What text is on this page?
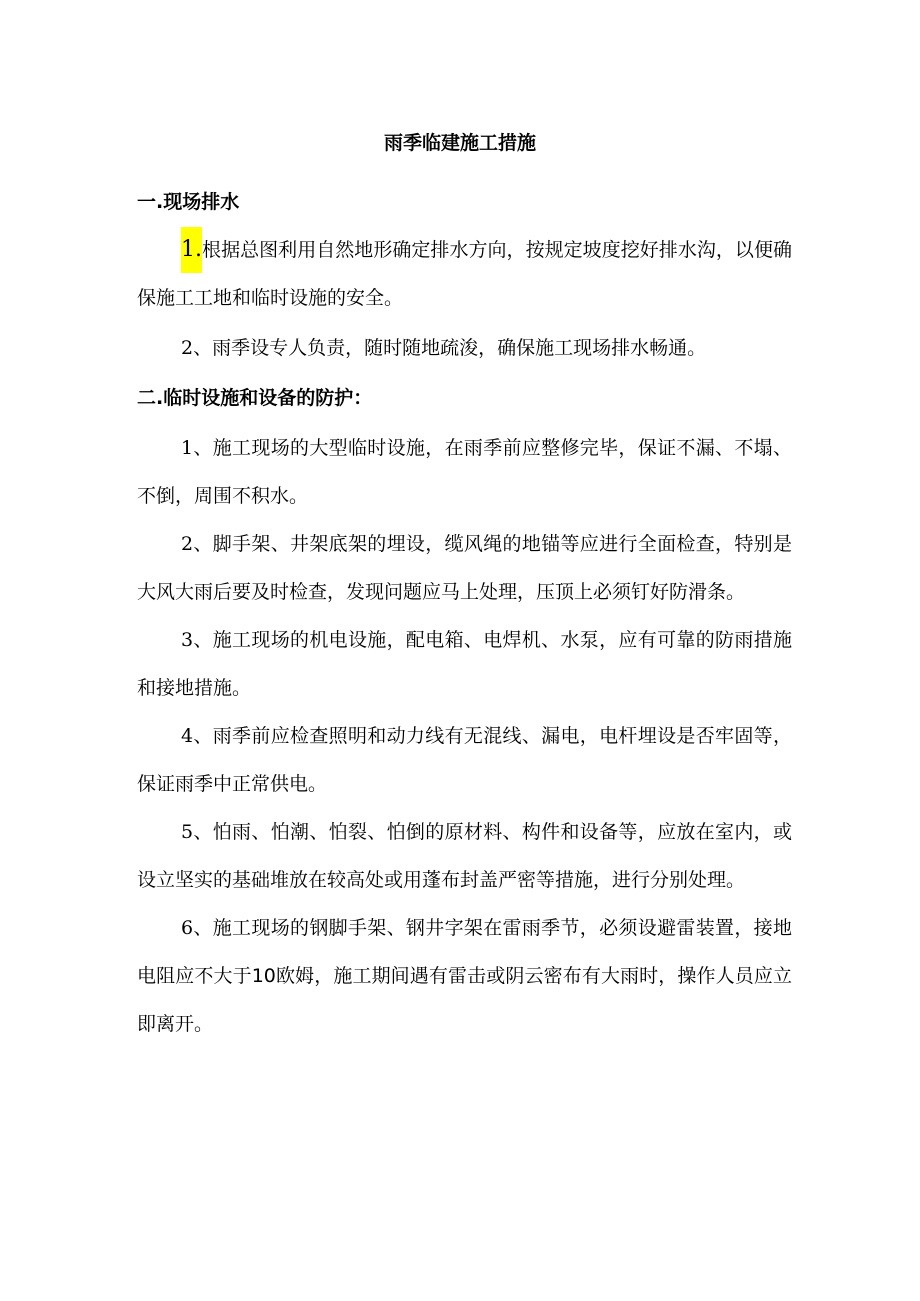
雨季临建施工措施
一.现场排水

1.根据总图利用自然地形确定排水方向，按规定坡度挖好排水沟，以便确保施工工地和临时设施的安全。

2、雨季设专人负责，随时随地疏浚，确保施工现场排水畅通。

二.临时设施和设备的防护：

1、施工现场的大型临时设施，在雨季前应整修完毕，保证不漏、不塌、不倒，周围不积水。

2、脚手架、井架底架的埋设，缆风绳的地锚等应进行全面检查，特别是大风大雨后要及时检查，发现问题应马上处理，压顶上必须钉好防滑条。

3、施工现场的机电设施，配电箱、电焊机、水泵，应有可靠的防雨措施和接地措施。

4、雨季前应检查照明和动力线有无混线、漏电，电杆埋设是否牢固等，保证雨季中正常供电。

5、怕雨、怕潮、怕裂、怕倒的原材料、构件和设备等，应放在室内，或设立坚实的基础堆放在较高处或用蓬布封盖严密等措施，进行分别处理。

6、施工现场的钢脚手架、钢井字架在雷雨季节，必须设避雷装置，接地电阻应不大于10欧姆，施工期间遇有雷击或阴云密布有大雨时，操作人员应立即离开。
